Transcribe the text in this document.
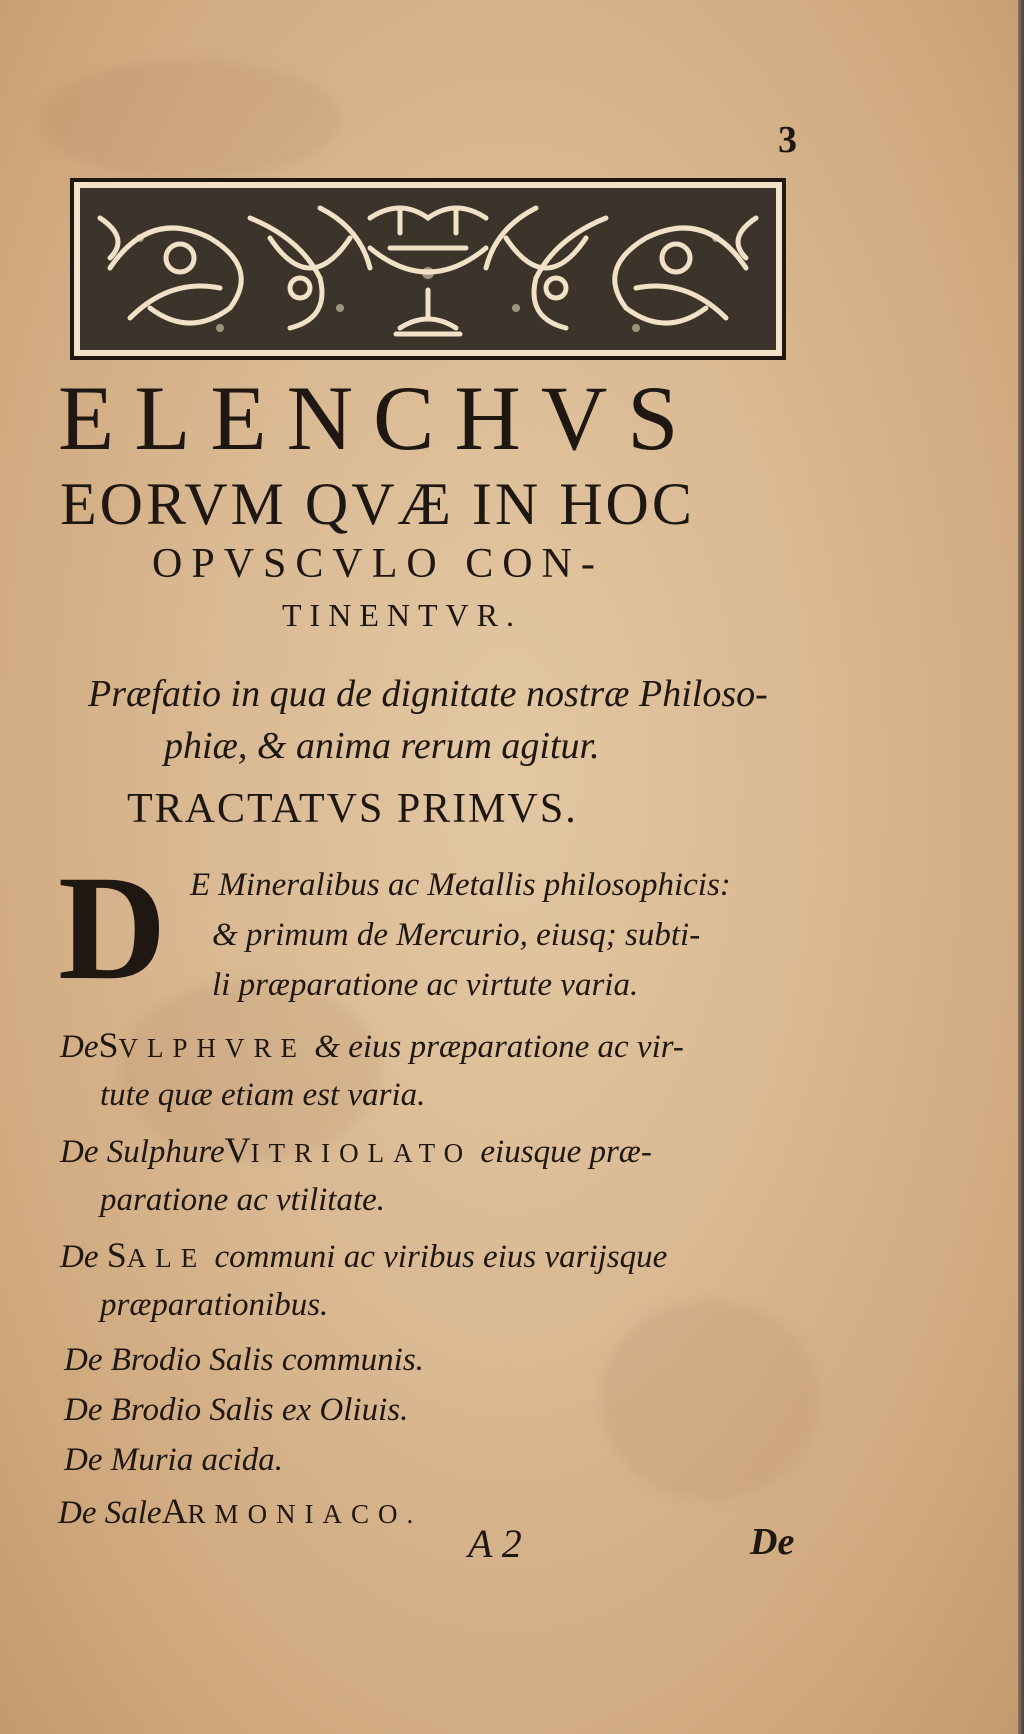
3
ELENCHVS
EORVM QVÆ IN HOC
OPVSCVLO CON-
TINENTVR.
Præfatio in qua de dignitate nostræ Philoso-
phiæ, & anima rerum agitur.
TRACTATVS PRIMVS.
D E Mineralibus ac Metallis philosophicis:
& primum de Mercurio, eiusq; subti-
li præparatione ac virtute varia.
DeSVLPHVRE & eius præparatione ac vir-
tute quæ etiam est varia.
De SulphureVITRIOLATO eiusque præ-
paratione ac vtilitate.
De SALE communi ac viribus eius varijsque
præparationibus.
De Brodio Salis communis.
De Brodio Salis ex Oliuis.
De Muria acida.
De SaleARMONIACO.
A 2	De
